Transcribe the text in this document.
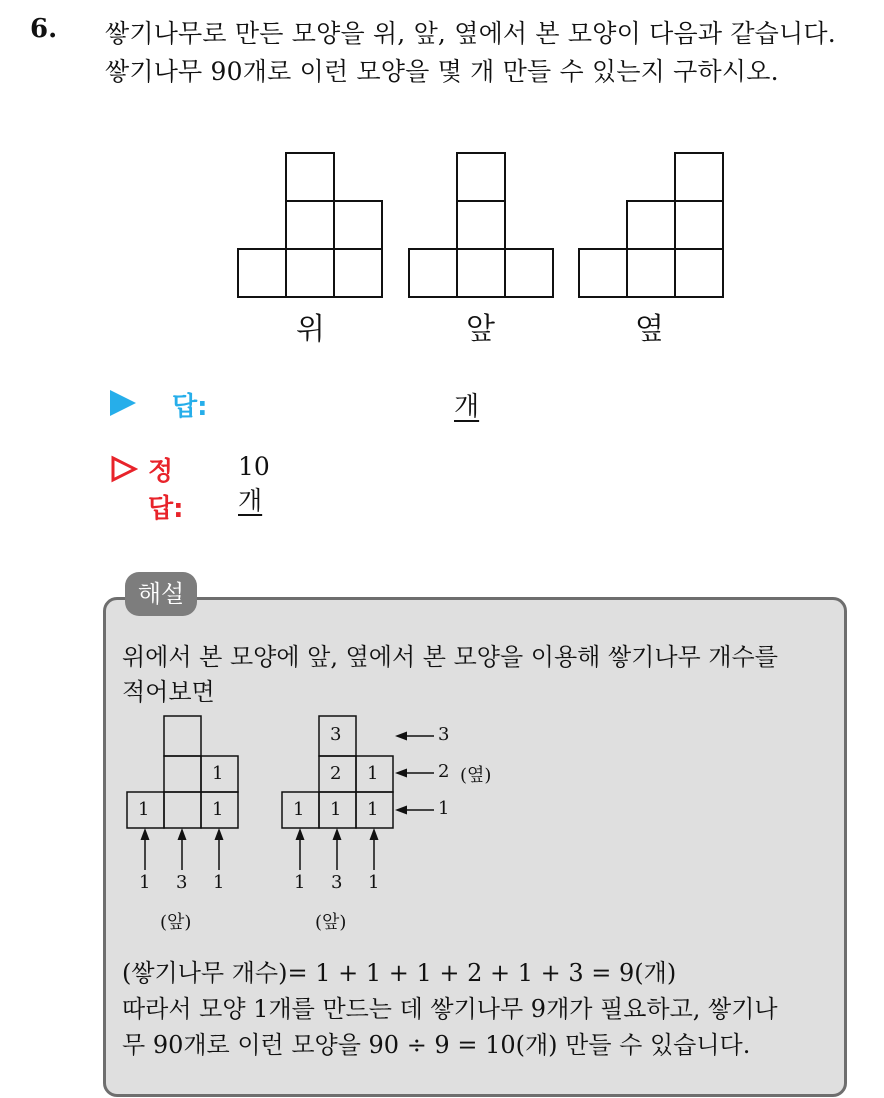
6. 쌓기나무로 만든 모양을 위, 앞, 옆에서 본 모양이 다음과 같습니다.
쌓기나무 90개로 이런 모양을 몇 개 만들 수 있는지 구하시오.
위	앞	옆
답:	개
정답:
10개
해설
위에서 본 모양에 앞, 옆에서 본 모양을 이용해 쌓기나무 개수를
적어보면
1	1
1
1 3 1
(앞)
3
2 1
1 1 1
1 3 1
(앞)
3
2 (옆)
1
(쌓기나무 개수)= 1 + 1 + 1 + 2 + 1 + 3 = 9(개)
따라서 모양 1개를 만드는 데 쌓기나무 9개가 필요하고, 쌓기나
무 90개로 이런 모양을 90 ÷ 9 = 10(개) 만들 수 있습니다.
